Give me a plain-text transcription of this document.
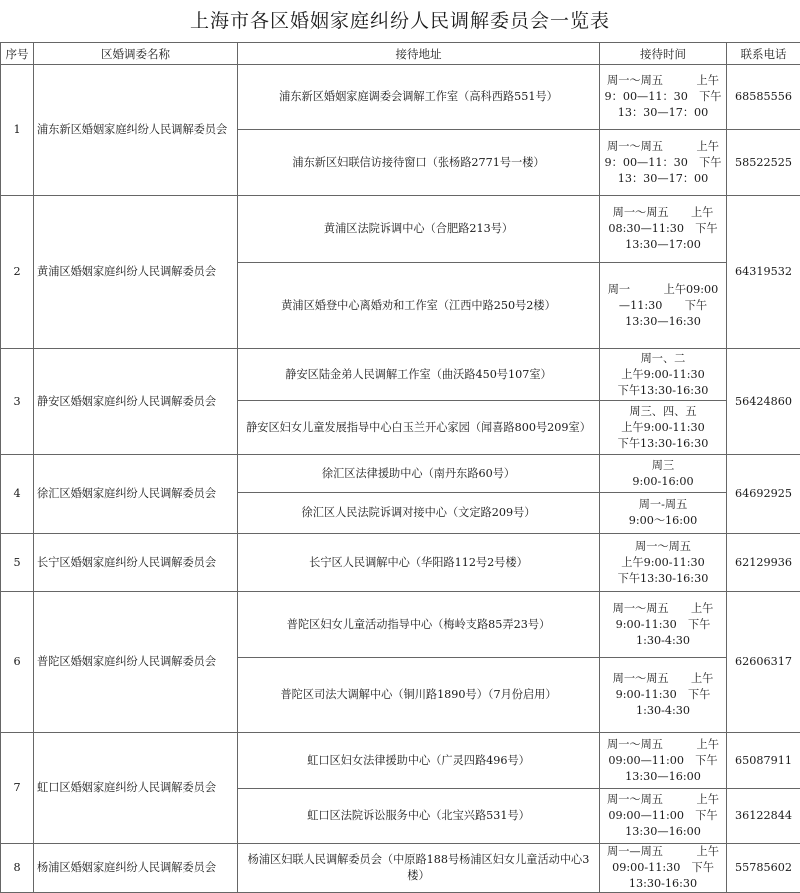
上海市各区婚姻家庭纠纷人民调解委员会一览表
序号	区婚调委名称	接待地址	接待时间	联系电话
1	浦东新区婚姻家庭纠纷人民调解委员会	浦东新区婚姻家庭调委会调解工作室（高科西路551号）	周一～周五　　　上午9：00—11：30　下午13：30—17：00	68585556
		浦东新区妇联信访接待窗口（张杨路2771号一楼）	周一～周五　　　上午9：00—11：30　下午13：30—17：00	58522525
2	黄浦区婚姻家庭纠纷人民调解委员会	黄浦区法院诉调中心（合肥路213号）	周一～周五　　上午08:30—11:30　下午13:30—17:00	64319532
		黄浦区婚登中心离婚劝和工作室（江西中路250号2楼）	周一　　　上午09:00—11:30　　下午13:30—16:30	
3	静安区婚姻家庭纠纷人民调解委员会	静安区陆金弟人民调解工作室（曲沃路450号107室）	周一、二
上午9:00-11:30
下午13:30-16:30	56424860
		静安区妇女儿童发展指导中心白玉兰开心家园（闻喜路800号209室）	周三、四、五
上午9:00-11:30
下午13:30-16:30	
4	徐汇区婚姻家庭纠纷人民调解委员会	徐汇区法律援助中心（南丹东路60号）	周三
9:00-16:00	64692925
		徐汇区人民法院诉调对接中心（文定路209号）	周一-周五
9:00～16:00	
5	长宁区婚姻家庭纠纷人民调解委员会	长宁区人民调解中心（华阳路112号2号楼）	周一～周五
上午9:00-11:30
下午13:30-16:30	62129936
6	普陀区婚姻家庭纠纷人民调解委员会	普陀区妇女儿童活动指导中心（梅岭支路85弄23号）	周一～周五　　上午9:00-11:30　下午1:30-4:30	62606317
		普陀区司法大调解中心（铜川路1890号）（7月份启用）	周一～周五　　上午9:00-11:30　下午1:30-4:30	
7	虹口区婚姻家庭纠纷人民调解委员会	虹口区妇女法律援助中心（广灵四路496号）	周一～周五　　　上午09:00—11:00　下午13:30—16:00	65087911
		虹口区法院诉讼服务中心（北宝兴路531号）	周一～周五　　　上午09:00—11:00　下午13:30—16:00	36122844
8	杨浦区婚姻家庭纠纷人民调解委员会	杨浦区妇联人民调解委员会（中原路188号杨浦区妇女儿童活动中心3楼）	周一—周五　　　上午09:00-11:30　下午13:30-16:30	55785602
